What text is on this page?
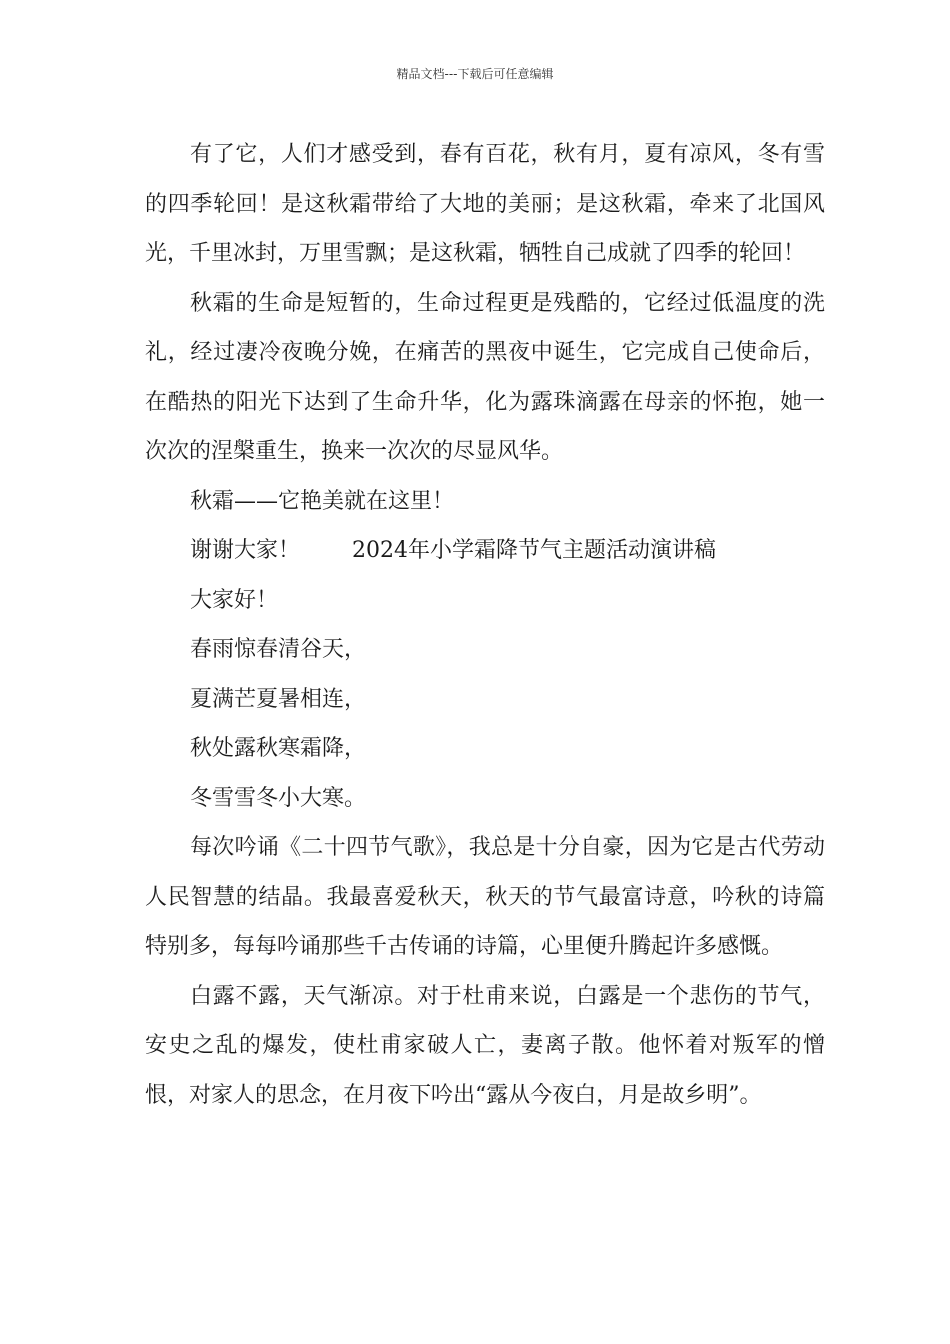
精品文档---下载后可任意编辑

有了它，人们才感受到，春有百花，秋有月，夏有凉风，冬有雪的四季轮回！是这秋霜带给了大地的美丽；是这秋霜，牵来了北国风光，千里冰封，万里雪飘；是这秋霜，牺牲自己成就了四季的轮回！

秋霜的生命是短暂的，生命过程更是残酷的，它经过低温度的洗礼，经过凄冷夜晚分娩，在痛苦的黑夜中诞生，它完成自己使命后，在酷热的阳光下达到了生命升华，化为露珠滴露在母亲的怀抱，她一次次的涅槃重生，换来一次次的尽显风华。

秋霜——它艳美就在这里！

谢谢大家！ 2024年小学霜降节气主题活动演讲稿

大家好！

春雨惊春清谷天，

夏满芒夏暑相连，

秋处露秋寒霜降，

冬雪雪冬小大寒。

每次吟诵《二十四节气歌》，我总是十分自豪，因为它是古代劳动人民智慧的结晶。我最喜爱秋天，秋天的节气最富诗意，吟秋的诗篇特别多，每每吟诵那些千古传诵的诗篇，心里便升腾起许多感慨。

白露不露，天气渐凉。对于杜甫来说，白露是一个悲伤的节气，安史之乱的爆发，使杜甫家破人亡，妻离子散。他怀着对叛军的憎恨，对家人的思念，在月夜下吟出“露从今夜白，月是故乡明”。
